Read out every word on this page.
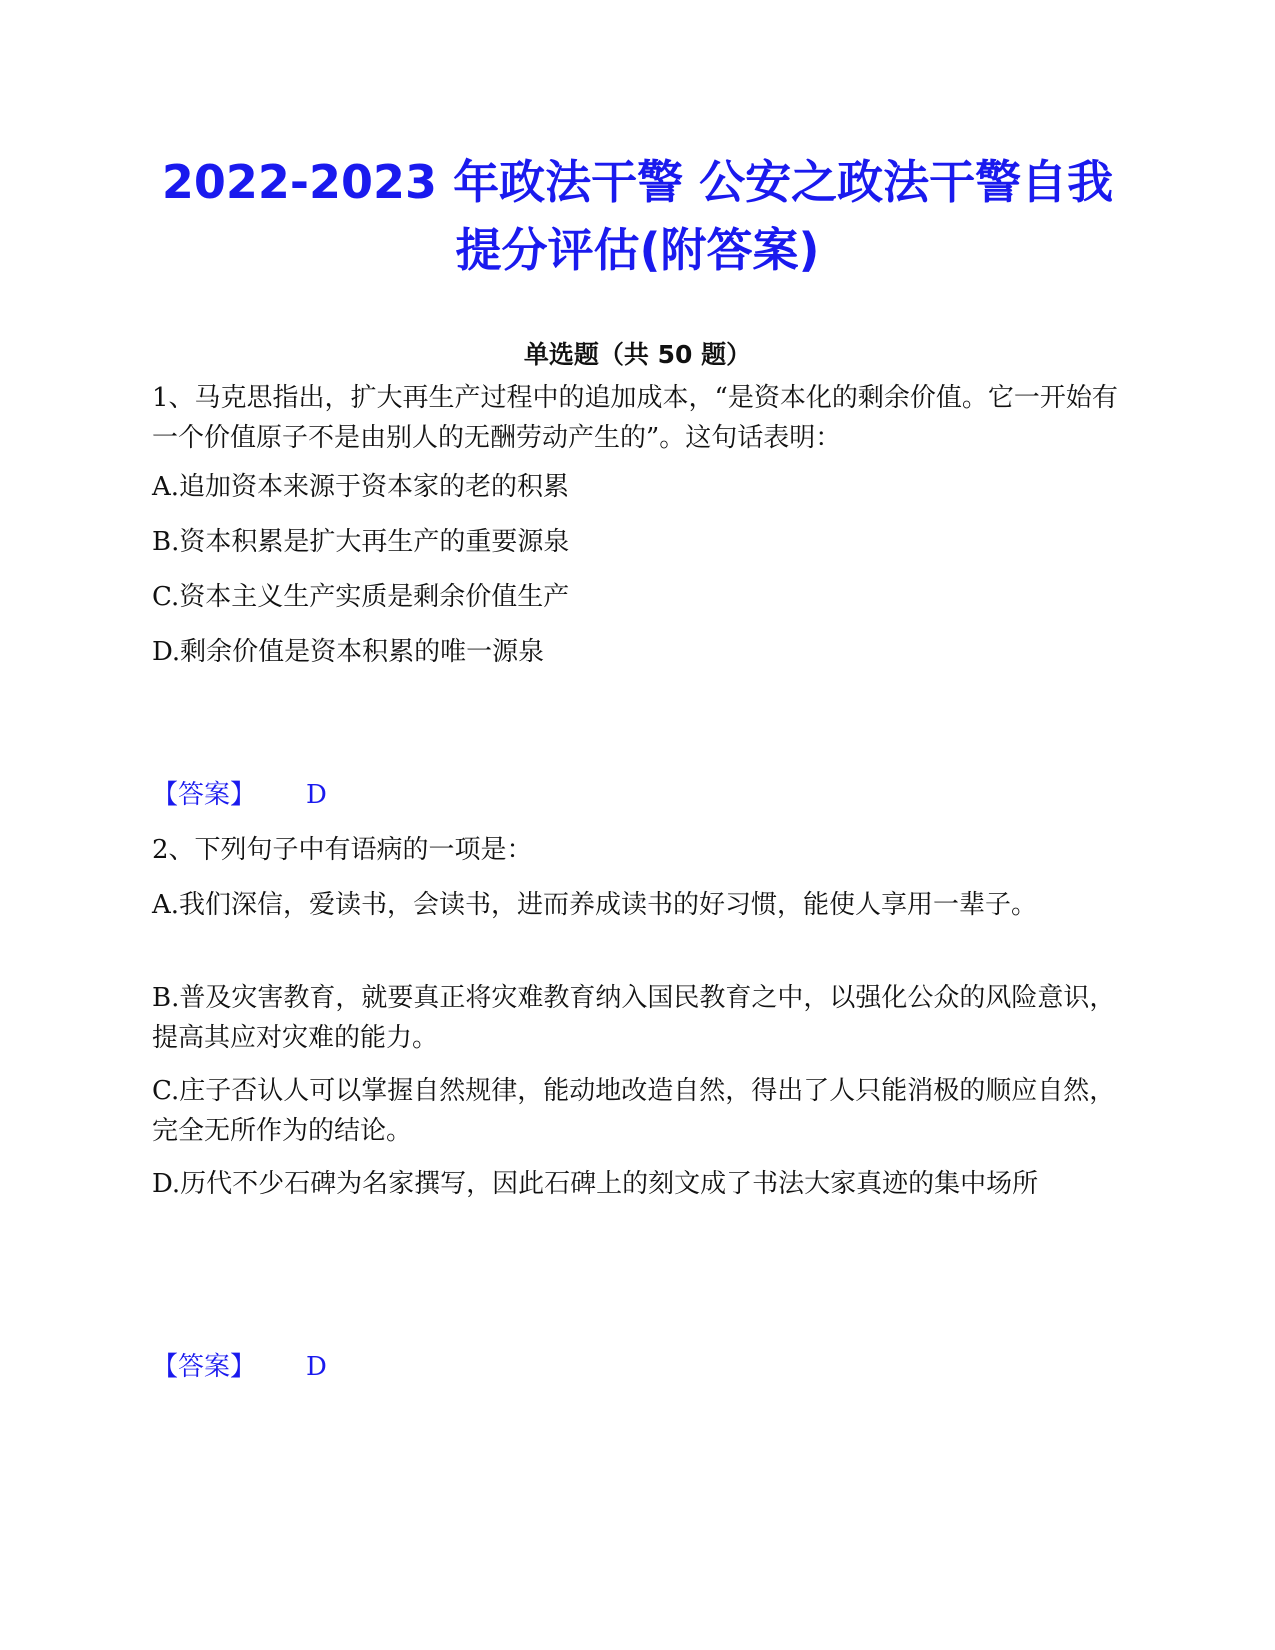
2022-2023 年政法干警 公安之政法干警自我
提分评估(附答案)
单选题（共 50 题）
1、马克思指出，扩大再生产过程中的追加成本，“是资本化的剩余价值。它一开始有一个价值原子不是由别人的无酬劳动产生的”。这句话表明：
A.追加资本来源于资本家的老的积累
B.资本积累是扩大再生产的重要源泉
C.资本主义生产实质是剩余价值生产
D.剩余价值是资本积累的唯一源泉
【答案】 D
2、下列句子中有语病的一项是：
A.我们深信，爱读书，会读书，进而养成读书的好习惯，能使人享用一辈子。
B.普及灾害教育，就要真正将灾难教育纳入国民教育之中，以强化公众的风险意识，提高其应对灾难的能力。
C.庄子否认人可以掌握自然规律，能动地改造自然，得出了人只能消极的顺应自然，完全无所作为的结论。
D.历代不少石碑为名家撰写，因此石碑上的刻文成了书法大家真迹的集中场所
【答案】 D
